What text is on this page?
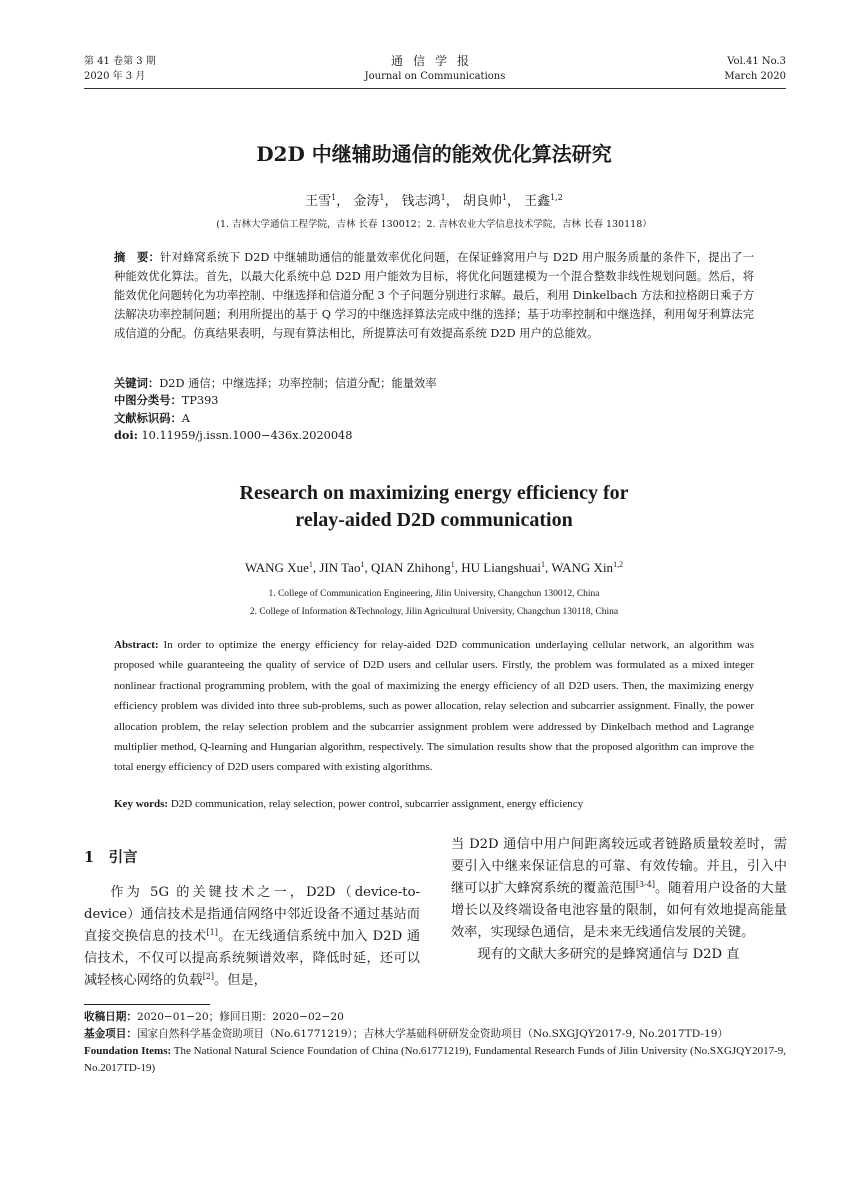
第 41 卷第 3 期
2020 年 3 月
通信学报
Journal on Communications
Vol.41 No.3
March 2020
D2D 中继辅助通信的能效优化算法研究
王雪$^1$， 金涛$^1$， 钱志鸿$^1$， 胡良帅$^1$， 王鑫$^{1,2}$
(1. 吉林大学通信工程学院，吉林 长春 130012；2. 吉林农业大学信息技术学院，吉林 长春 130118）
摘　要：针对蜂窝系统下 D2D 中继辅助通信的能量效率优化问题，在保证蜂窝用户与 D2D 用户服务质量的条件下，提出了一种能效优化算法。首先，以最大化系统中总 D2D 用户能效为目标，将优化问题建模为一个混合整数非线性规划问题。然后，将能效优化问题转化为功率控制、中继选择和信道分配 3 个子问题分别进行求解。最后，利用 Dinkelbach 方法和拉格朗日乘子方法解决功率控制问题；利用所提出的基于 Q 学习的中继选择算法完成中继的选择；基于功率控制和中继选择，利用匈牙利算法完成信道的分配。仿真结果表明，与现有算法相比，所提算法可有效提高系统 D2D 用户的总能效。
关键词：D2D 通信；中继选择；功率控制；信道分配；能量效率
中图分类号：TP393
文献标识码：A
doi: 10.11959/j.issn.1000−436x.2020048
Research on maximizing energy efficiency for
relay-aided D2D communication
WANG Xue$^1$, JIN Tao$^1$, QIAN Zhihong$^1$, HU Liangshuai$^1$, WANG Xin$^{1,2}$
1. College of Communication Engineering, Jilin University, Changchun 130012, China
2. College of Information &Technology, Jilin Agricultural University, Changchun 130118, China
Abstract: In order to optimize the energy efficiency for relay-aided D2D communication underlaying cellular network, an algorithm was proposed while guaranteeing the quality of service of D2D users and cellular users. Firstly, the problem was formulated as a mixed integer nonlinear fractional programming problem, with the goal of maximizing the energy efficiency of all D2D users. Then, the maximizing energy efficiency problem was divided into three sub-problems, such as power allocation, relay selection and subcarrier assignment. Finally, the power allocation problem, the relay selection problem and the subcarrier assignment problem were addressed by Dinkelbach method and Lagrange multiplier method, Q-learning and Hungarian algorithm, respectively. The simulation results show that the proposed algorithm can improve the total energy efficiency of D2D users compared with existing algorithms.
Key words: D2D communication, relay selection, power control, subcarrier assignment, energy efficiency
1　引言
作为 5G 的关键技术之一，D2D（device-to-device）通信技术是指通信网络中邻近设备不通过基站而直接交换信息的技术[1]。在无线通信系统中加入 D2D 通信技术，不仅可以提高系统频谱效率，降低时延，还可以减轻核心网络的负载[2]。但是，
当 D2D 通信中用户间距离较远或者链路质量较差时，需要引入中继来保证信息的可靠、有效传输。并且，引入中继可以扩大蜂窝系统的覆盖范围[3-4]。随着用户设备的大量增长以及终端设备电池容量的限制，如何有效地提高能量效率，实现绿色通信，是未来无线通信发展的关键。
现有的文献大多研究的是蜂窝通信与 D2D 直
收稿日期：2020−01−20；修回日期：2020−02−20
基金项目：国家自然科学基金资助项目（No.61771219）；吉林大学基础科研研发金资助项目（No.SXGJQY2017-9, No.2017TD-19）
Foundation Items: The National Natural Science Foundation of China (No.61771219), Fundamental Research Funds of Jilin University (No.SXGJQY2017-9, No.2017TD-19)
